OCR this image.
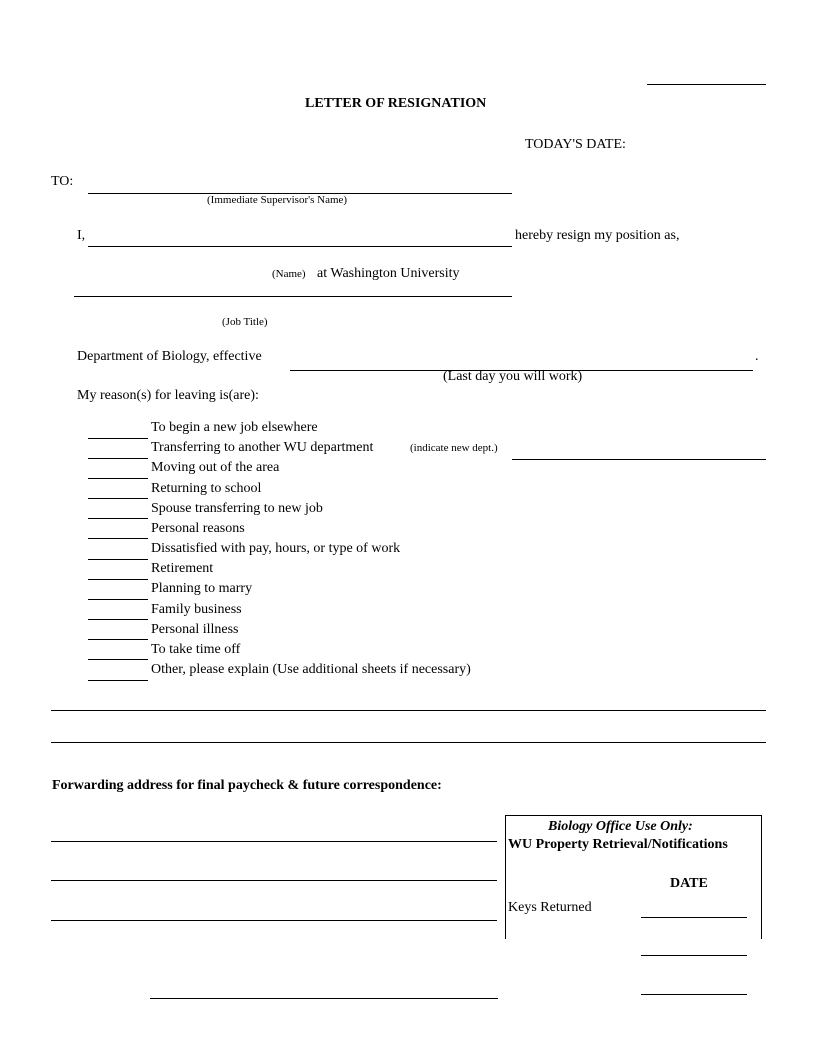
LETTER OF RESIGNATION
TODAY'S DATE:
TO:
(Immediate Supervisor's Name)
I,	hereby resign my position as,
(Name) at Washington University
(Job Title)
Department of Biology, effective	.
(Last day you will work)
My reason(s) for leaving is(are):
To begin a new job elsewhere
Transferring to another WU department	(indicate new dept.)
Moving out of the area
Returning to school
Spouse transferring to new job
Personal reasons
Dissatisfied with pay, hours, or type of work
Retirement
Planning to marry
Family business
Personal illness
To take time off
Other, please explain (Use additional sheets if necessary)
Forwarding address for final paycheck & future correspondence:
Biology Office Use Only:
WU Property Retrieval/Notifications
DATE
Keys Returned
